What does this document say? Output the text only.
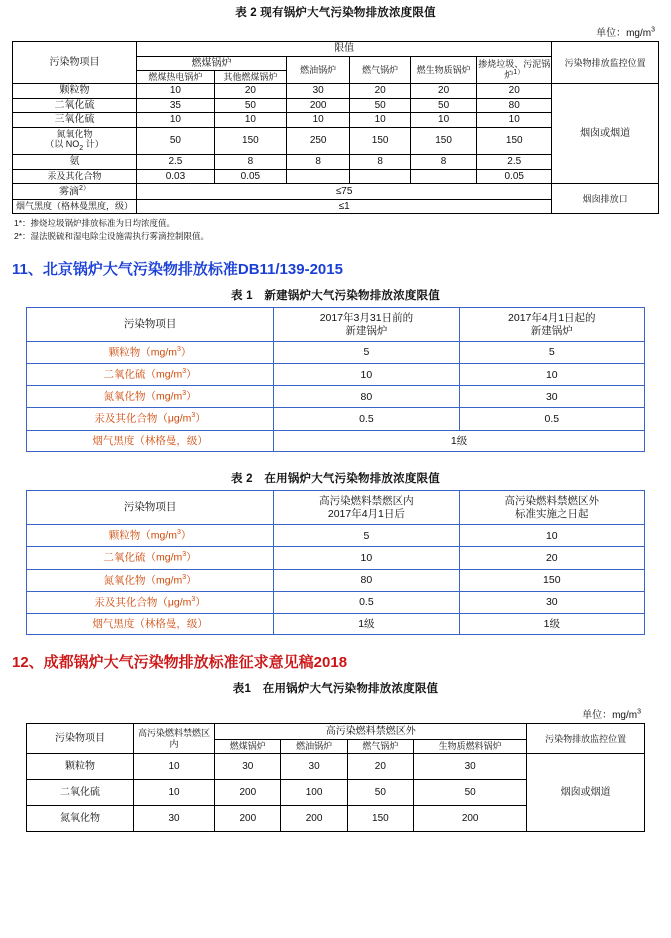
表 2 现有锅炉大气污染物排放浓度限值
单位：$mg/m^3$
污染物项目	限值						污染物排放监控位置
	燃煤锅炉		燃油锅炉	燃气锅炉	燃生物质锅炉	掺烧垃圾、污泥锅炉$^{1)}$
	燃煤热电锅炉	其他燃煤锅炉					
颗粒物	10	20	30	20	20	20	烟囱或烟道
二氧化硫	35	50	200	50	50	80	
三氧化硫	10	10	10	10	10	10	
氮氧化物
（以 $NO_2$ 计）	50	150	250	150	150	150	
氨	2.5	8	8	8	8	2.5	
汞及其化合物	0.03	0.05				0.05	
雾滴$^{2)}$	≤75						烟囱排放口
烟气黑度（格林曼黑度，级）	≤1						
1*：掺烧垃圾锅炉排放标准为日均浓度值。
2*：湿法脱硫和湿电除尘设施需执行雾滴控制限值。
11、北京锅炉大气污染物排放标准DB11/139-2015
表 1　新建锅炉大气污染物排放浓度限值
污染物项目	2017年3月31日前的	2017年4月1日起的
	新建锅炉	新建锅炉
颗粒物$(mg/m^3)$	5	5
二氧化硫$(mg/m^3)$	10	10
氮氧化物$(mg/m^3)$	80	30
汞及其化合物$(\mu g/m^3)$	0.5	0.5
烟气黑度（林格曼，级）	1级	
表 2　在用锅炉大气污染物排放浓度限值
污染物项目	高污染燃料禁燃区内	高污染燃料禁燃区外
	2017年4月1日后	标准实施之日起
颗粒物$(mg/m^3)$	5	10
二氧化硫$(mg/m^3)$	10	20
氮氧化物$(mg/m^3)$	80	150
汞及其化合物$(\mu g/m^3)$	0.5	30
烟气黑度（林格曼，级）	1级	1级
12、成都锅炉大气污染物排放标准征求意见稿2018
表1　在用锅炉大气污染物排放浓度限值
单位：$mg/m^3$
污染物项目	高污染燃料禁燃区内	高污染燃料禁燃区外				污染物排放监控位置
		燃煤锅炉	燃油锅炉	燃气锅炉	生物质燃料锅炉	
颗粒物	10	30	30	20	30	烟囱或烟道
二氧化硫	10	200	100	50	50	
氮氧化物	30	200	200	150	200	
